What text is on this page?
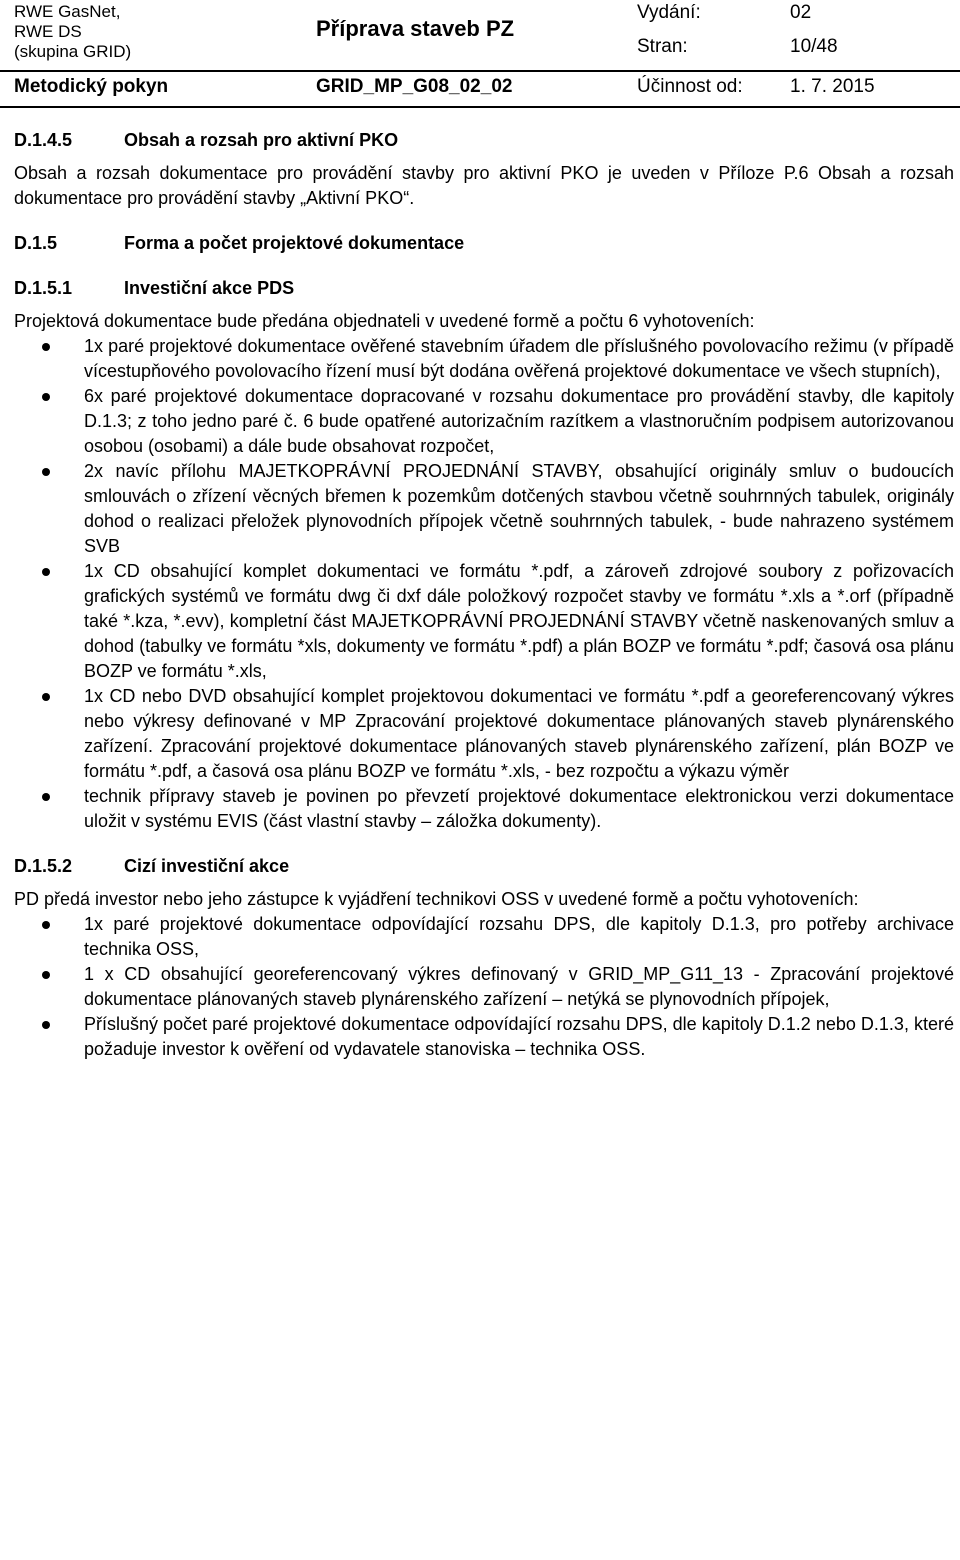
RWE GasNet,
RWE DS
(skupina GRID)
Příprava staveb PZ
Vydání:	02
Stran:	10/48
Metodický pokyn	GRID_MP_G08_02_02	Účinnost od: 1. 7. 2015
D.1.4.5	Obsah a rozsah pro aktivní PKO

Obsah a rozsah dokumentace pro provádění stavby pro aktivní PKO je uveden v Příloze P.6 Obsah a rozsah dokumentace pro provádění stavby „Aktivní PKO“.

D.1.5	Forma a počet projektové dokumentace
D.1.5.1	Investiční akce PDS

Projektová dokumentace bude předána objednateli v uvedené formě a počtu 6 vyhotoveních:

1x paré projektové dokumentace ověřené stavebním úřadem dle příslušného povolovacího režimu (v případě vícestupňového povolovacího řízení musí být dodána ověřená projektové dokumentace ve všech stupních),
6x paré projektové dokumentace dopracované v rozsahu dokumentace pro provádění stavby, dle kapitoly D.1.3; z toho jedno paré č. 6 bude opatřené autorizačním razítkem a vlastnoručním podpisem autorizovanou osobou (osobami) a dále bude obsahovat rozpočet,
2x navíc přílohu MAJETKOPRÁVNÍ PROJEDNÁNÍ STAVBY, obsahující originály smluv o budoucích smlouvách o zřízení věcných břemen k pozemkům dotčených stavbou včetně souhrnných tabulek, originály dohod o realizaci přeložek plynovodních přípojek včetně souhrnných tabulek, - bude nahrazeno systémem SVB
1x CD obsahující komplet dokumentaci ve formátu *.pdf, a zároveň zdrojové soubory z pořizovacích grafických systémů ve formátu dwg či dxf dále položkový rozpočet stavby ve formátu *.xls a *.orf (případně také *.kza, *.evv), kompletní část MAJETKOPRÁVNÍ PROJEDNÁNÍ STAVBY včetně naskenovaných smluv a dohod (tabulky ve formátu *xls, dokumenty ve formátu *.pdf) a plán BOZP ve formátu *.pdf; časová osa plánu BOZP ve formátu *.xls,
1x CD nebo DVD obsahující komplet projektovou dokumentaci ve formátu *.pdf a georeferencovaný výkres nebo výkresy definované v MP Zpracování projektové dokumentace plánovaných staveb plynárenského zařízení. Zpracování projektové dokumentace plánovaných staveb plynárenského zařízení, plán BOZP ve formátu *.pdf, a časová osa plánu BOZP ve formátu *.xls, - bez rozpočtu a výkazu výměr
technik přípravy staveb je povinen po převzetí projektové dokumentace elektronickou verzi dokumentace uložit v systému EVIS (část vlastní stavby – záložka dokumenty).
D.1.5.2	Cizí investiční akce

PD předá investor nebo jeho zástupce k vyjádření technikovi OSS v uvedené formě a počtu vyhotoveních:

1x paré projektové dokumentace odpovídající rozsahu DPS, dle kapitoly D.1.3, pro potřeby archivace technika OSS,
1 x CD obsahující georeferencovaný výkres definovaný v GRID_MP_G11_13 - Zpracování projektové dokumentace plánovaných staveb plynárenského zařízení – netýká se plynovodních přípojek,
Příslušný počet paré projektové dokumentace odpovídající rozsahu DPS, dle kapitoly D.1.2 nebo D.1.3, které požaduje investor k ověření od vydavatele stanoviska – technika OSS.
